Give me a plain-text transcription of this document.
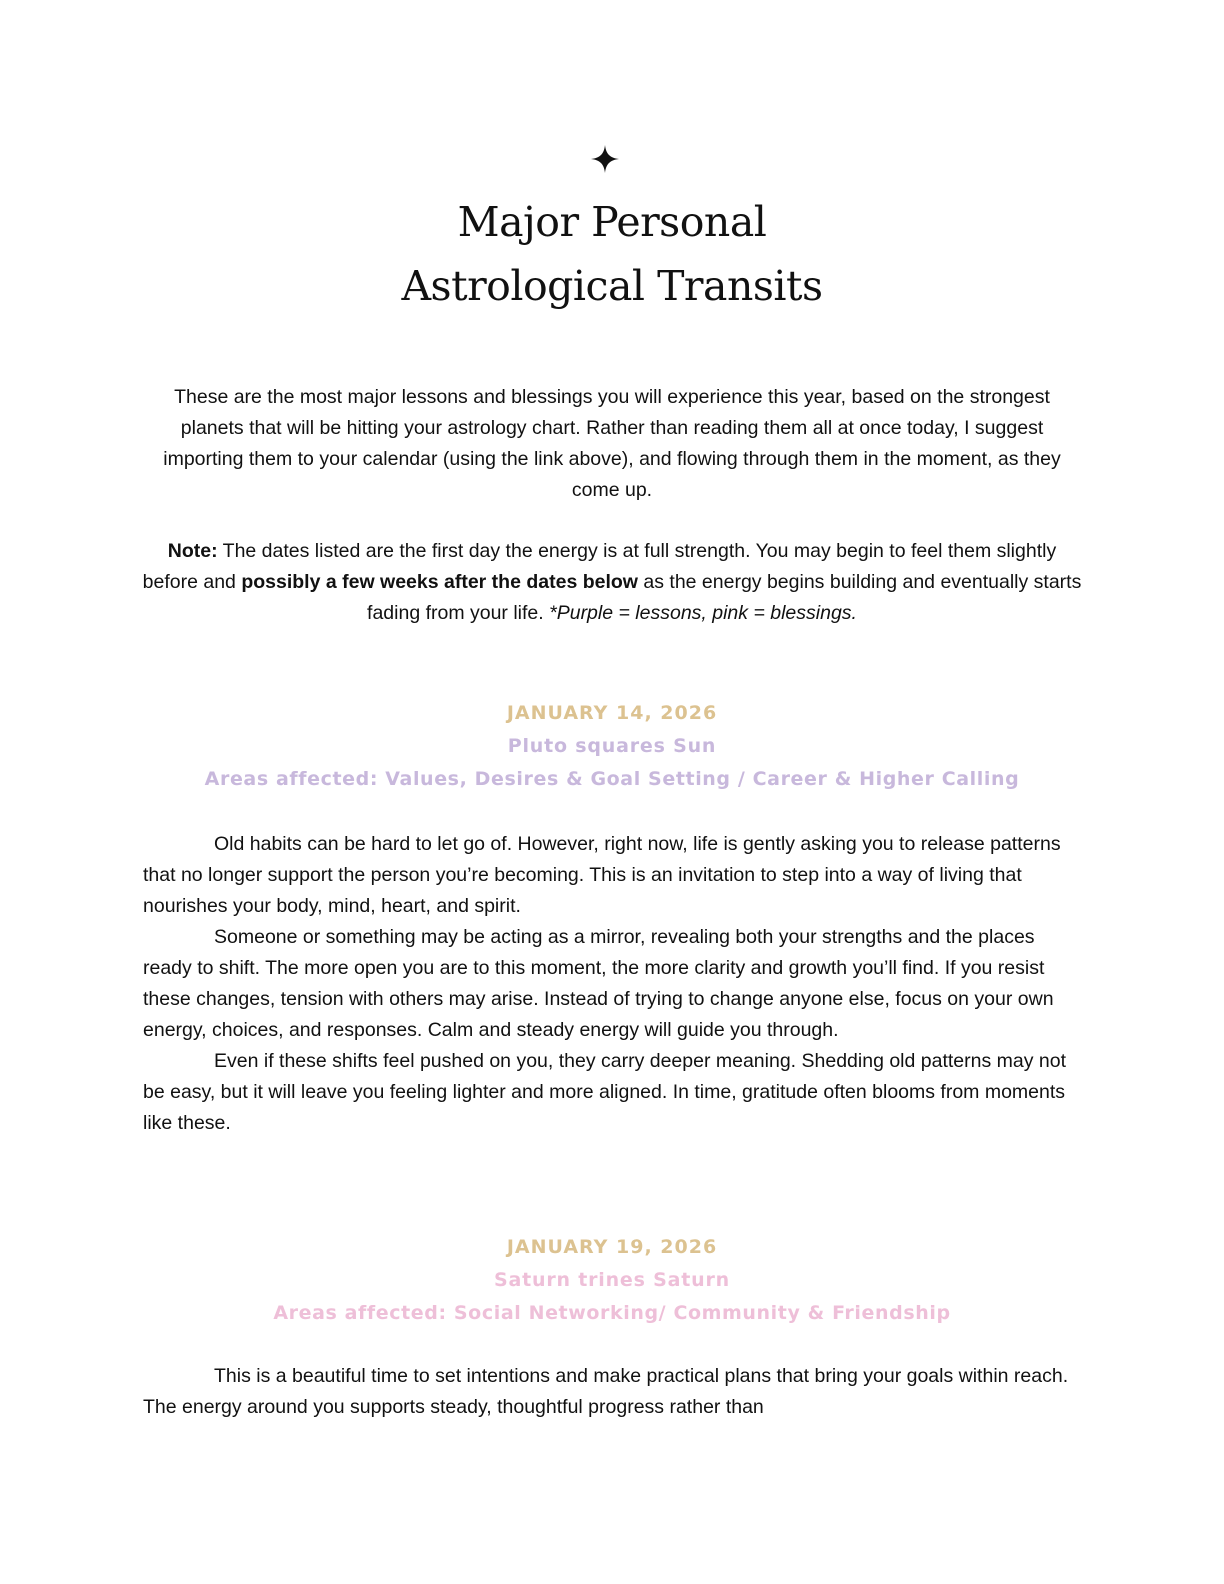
Major Personal
Astrological Transits

These are the most major lessons and blessings you will experience this year, based on the strongest planets that will be hitting your astrology chart. Rather than reading them all at once today, I suggest importing them to your calendar (using the link above), and flowing through them in the moment, as they come up.

Note: The dates listed are the first day the energy is at full strength. You may begin to feel them slightly before and possibly a few weeks after the dates below as the energy begins building and eventually starts fading from your life. *Purple = lessons, pink = blessings.

JANUARY 14, 2026
Pluto squares Sun
Areas affected: Values, Desires & Goal Setting / Career & Higher Calling

Old habits can be hard to let go of. However, right now, life is gently asking you to release patterns that no longer support the person you’re becoming. This is an invitation to step into a way of living that nourishes your body, mind, heart, and spirit.

Someone or something may be acting as a mirror, revealing both your strengths and the places ready to shift. The more open you are to this moment, the more clarity and growth you’ll find. If you resist these changes, tension with others may arise. Instead of trying to change anyone else, focus on your own energy, choices, and responses. Calm and steady energy will guide you through.

Even if these shifts feel pushed on you, they carry deeper meaning. Shedding old patterns may not be easy, but it will leave you feeling lighter and more aligned. In time, gratitude often blooms from moments like these.

JANUARY 19, 2026
Saturn trines Saturn
Areas affected: Social Networking/ Community & Friendship

This is a beautiful time to set intentions and make practical plans that bring your goals within reach. The energy around you supports steady, thoughtful progress rather than
